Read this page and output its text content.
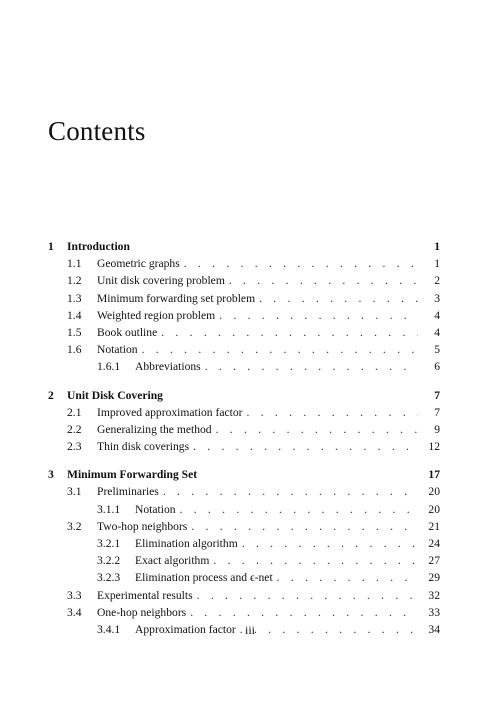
Contents
1	Introduction	1
1.1	Geometric graphs . . .	1
1.2	Unit disk covering problem . . .	2
1.3	Minimum forwarding set problem . . .	3
1.4	Weighted region problem . . .	4
1.5	Book outline . . .	4
1.6	Notation . . .	5
1.6.1	Abbreviations . . .	6
2	Unit Disk Covering	7
2.1	Improved approximation factor . . .	7
2.2	Generalizing the method . . .	9
2.3	Thin disk coverings . . .	12
3	Minimum Forwarding Set	17
3.1	Preliminaries . . .	20
3.1.1	Notation . . .	20
3.2	Two-hop neighbors . . .	21
3.2.1	Elimination algorithm . . .	24
3.2.2	Exact algorithm . . .	27
3.2.3	Elimination process and ϵ-net . . .	29
3.3	Experimental results . . .	32
3.4	One-hop neighbors . . .	33
3.4.1	Approximation factor . . .	34
iii
